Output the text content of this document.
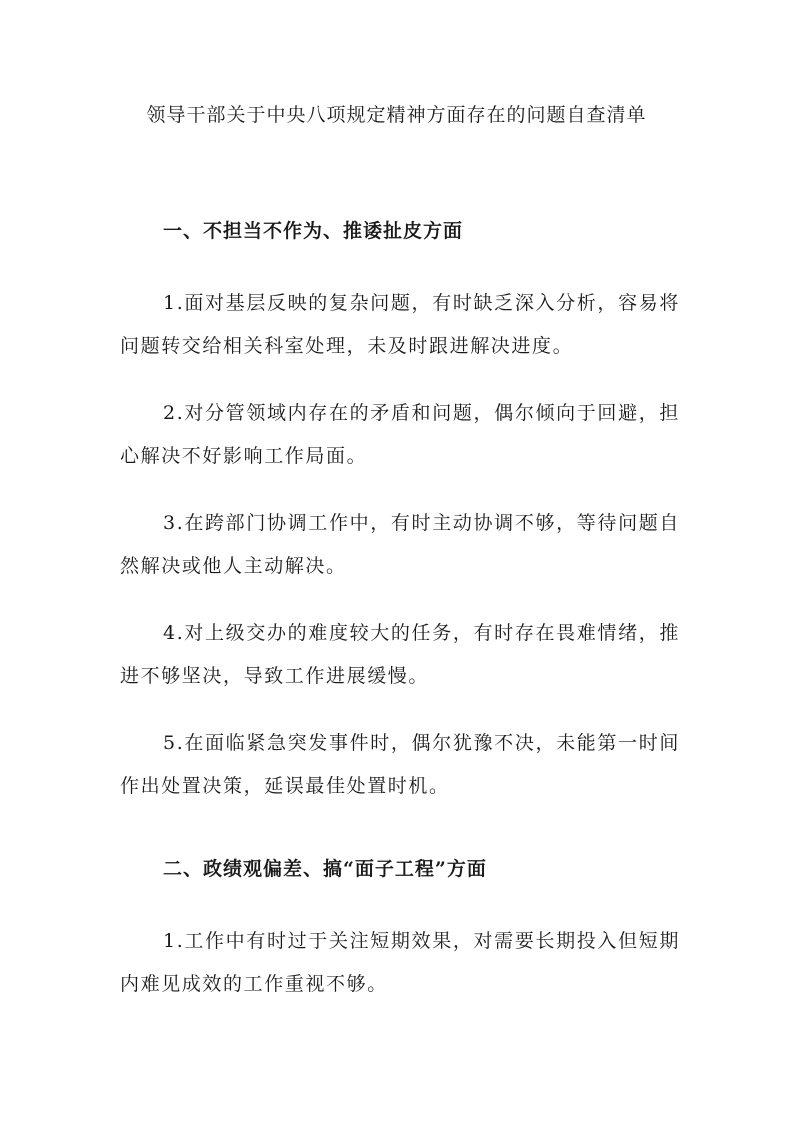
领导干部关于中央八项规定精神方面存在的问题自查清单
一、不担当不作为、推诿扯皮方面

1.面对基层反映的复杂问题，有时缺乏深入分析，容易将问题转交给相关科室处理，未及时跟进解决进度。

2.对分管领域内存在的矛盾和问题，偶尔倾向于回避，担心解决不好影响工作局面。

3.在跨部门协调工作中，有时主动协调不够，等待问题自然解决或他人主动解决。

4.对上级交办的难度较大的任务，有时存在畏难情绪，推进不够坚决，导致工作进展缓慢。

5.在面临紧急突发事件时，偶尔犹豫不决，未能第一时间作出处置决策，延误最佳处置时机。

二、政绩观偏差、搞“面子工程”方面

1.工作中有时过于关注短期效果，对需要长期投入但短期内难见成效的工作重视不够。
